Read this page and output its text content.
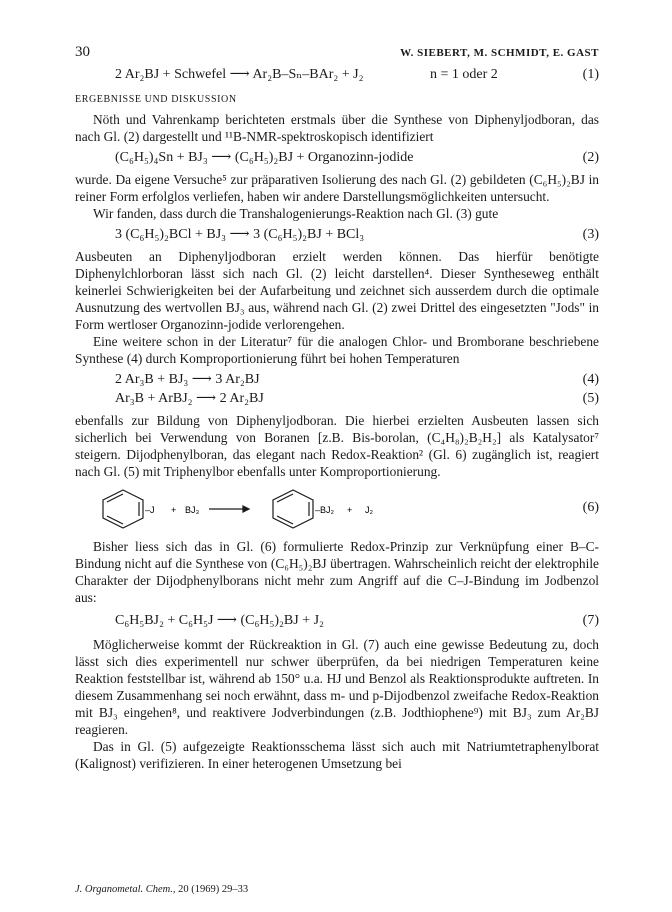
30	W. SIEBERT, M. SCHMIDT, E. GAST
2 Ar₂BJ + Schwefel ⟶ Ar₂B–Sₙ–BAr₂ + J₂	n = 1 oder 2	(1)
ERGEBNISSE UND DISKUSSION

Nöth und Vahrenkamp berichteten erstmals über die Synthese von Diphenyljodboran, das nach Gl. (2) dargestellt und ¹¹B-NMR-spektroskopisch identifiziert

(C₆H₅)₄Sn + BJ₃ ⟶ (C₆H₅)₂BJ + Organozinn-jodide	(2)

wurde. Da eigene Versuche⁵ zur präparativen Isolierung des nach Gl. (2) gebildeten (C₆H₅)₂BJ in reiner Form erfolglos verliefen, haben wir andere Darstellungsmöglichkeiten untersucht.

Wir fanden, dass durch die Transhalogenierungs-Reaktion nach Gl. (3) gute

3 (C₆H₅)₂BCl + BJ₃ ⟶ 3 (C₆H₅)₂BJ + BCl₃	(3)

Ausbeuten an Diphenyljodboran erzielt werden können. Das hierfür benötigte Diphenylchlorboran lässt sich nach Gl. (2) leicht darstellen⁴. Dieser Syntheseweg enthält keinerlei Schwierigkeiten bei der Aufarbeitung und zeichnet sich ausserdem durch die optimale Ausnutzung des wertvollen BJ₃ aus, während nach Gl. (2) zwei Drittel des eingesetzten "Jods" in Form wertloser Organozinn-jodide verlorengehen.

Eine weitere schon in der Literatur⁷ für die analogen Chlor- und Bromborane beschriebene Synthese (4) durch Komproportionierung führt bei hohen Temperaturen

2 Ar₃B + BJ₃ ⟶ 3 Ar₂BJ	(4)
Ar₃B + ArBJ₂ ⟶ 2 Ar₂BJ	(5)

ebenfalls zur Bildung von Diphenyljodboran. Die hierbei erzielten Ausbeuten lassen sich sicherlich bei Verwendung von Boranen [z.B. Bis-borolan, (C₄H₈)₂B₂H₂] als Katalysator⁷ steigern. Dijodphenylboran, das elegant nach Redox-Reaktion² (Gl. 6) zugänglich ist, reagiert nach Gl. (5) mit Triphenylbor ebenfalls unter Komproportionierung.

–J + BJ₃	–BJ₂ + J₂	(6)

Bisher liess sich das in Gl. (6) formulierte Redox-Prinzip zur Verknüpfung einer B–C-Bindung nicht auf die Synthese von (C₆H₅)₂BJ übertragen. Wahrscheinlich reicht der elektrophile Charakter der Dijodphenylborans nicht mehr zum Angriff auf die C–J-Bindung im Jodbenzol aus:

C₆H₅BJ₂ + C₆H₅J ⟶ (C₆H₅)₂BJ + J₂	(7)

Möglicherweise kommt der Rückreaktion in Gl. (7) auch eine gewisse Bedeutung zu, doch lässt sich dies experimentell nur schwer überprüfen, da bei niedrigen Temperaturen keine Reaktion feststellbar ist, während ab 150° u.a. HJ und Benzol als Reaktionsprodukte auftreten. In diesem Zusammenhang sei noch erwähnt, dass m- und p-Dijodbenzol zweifache Redox-Reaktion mit BJ₃ eingehen⁸, und reaktivere Jodverbindungen (z.B. Jodthiophene⁹) mit BJ₃ zum Ar₂BJ reagieren.

Das in Gl. (5) aufgezeigte Reaktionsschema lässt sich auch mit Natriumtetraphenylborat (Kalignost) verifizieren. In einer heterogenen Umsetzung bei

J. Organometal. Chem., 20 (1969) 29–33
